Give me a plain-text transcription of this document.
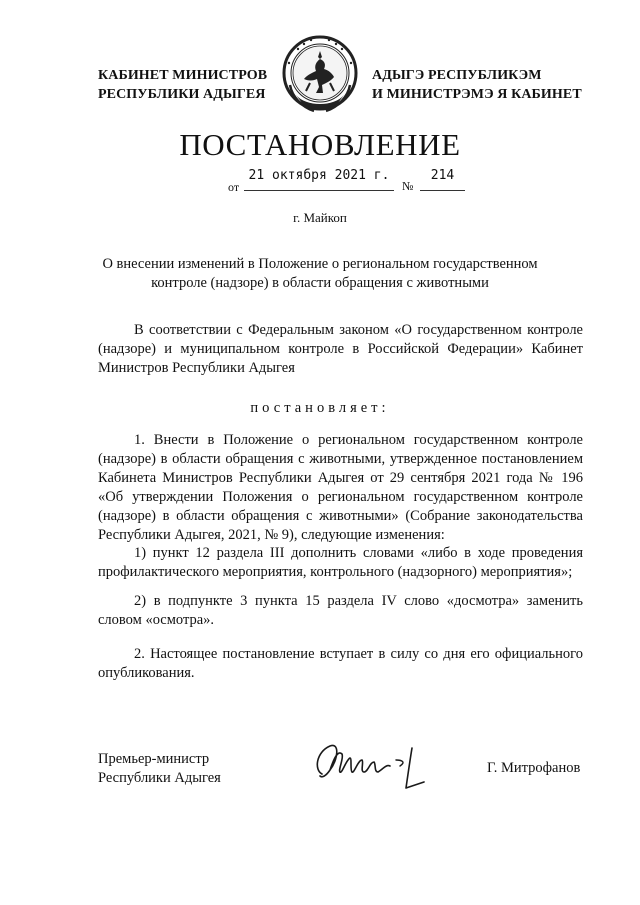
КАБИНЕТ МИНИСТРОВ
РЕСПУБЛИКИ АДЫГЕЯ
АДЫГЭ РЕСПУБЛИКЭМ
И МИНИСТРЭМЭ Я КАБИНЕТ
ПОСТАНОВЛЕНИЕ
от
21 октября 2021 г.
№
214
г. Майкоп
О внесении изменений в Положение о региональном государственном контроле (надзоре) в области обращения с животными
В соответствии с Федеральным законом «О государственном контроле (надзоре) и муниципальном контроле в Российской Федерации» Кабинет Министров Республики Адыгея
постановляет:
1. Внести в Положение о региональном государственном контроле (надзоре) в области обращения с животными, утвержденное постановлением Кабинета Министров Республики Адыгея от 29 сентября 2021 года № 196 «Об утверждении Положения о региональном государственном контроле (надзоре) в области обращения с животными» (Собрание законодательства Республики Адыгея, 2021, № 9), следующие изменения:
1) пункт 12 раздела III дополнить словами «либо в ходе проведения профилактического мероприятия, контрольного (надзорного) мероприятия»;
2) в подпункте 3 пункта 15 раздела IV слово «досмотра» заменить словом «осмотра».
2. Настоящее постановление вступает в силу со дня его официального опубликования.
Премьер-министр
Республики Адыгея
Г. Митрофанов
